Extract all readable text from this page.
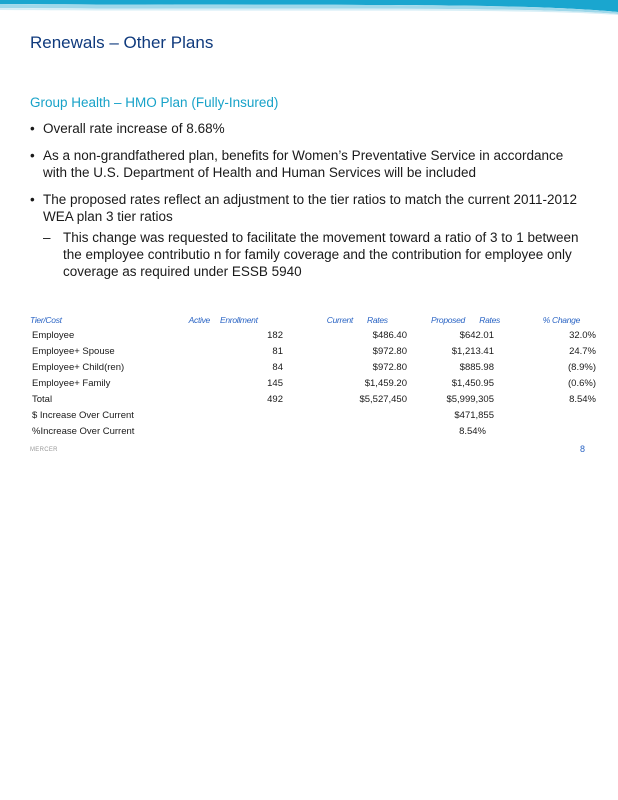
Renewals – Other Plans
Group Health – HMO Plan (Fully-Insured)
• Overall rate increase of 8.68%
• As a non-grandfathered plan, benefits for Women’s Preventative Service in accordance with the U.S. Department of Health and Human Services will be included
• The proposed rates reflect an adjustment to the tier ratios to match the current 2011-2012 WEA plan 3 tier ratios
– This change was requested to facilitate the movement toward a ratio of 3 to 1 between the employee contributio n for family coverage and the contribution for employee only coverage as required under ESSB 5940
Tier/Cost	Active	Enrollment	Current	Rates	Proposed	Rates	% Change
Employee		182	$486.40		$642.01		32.0%
Employee+ Spouse		81	$972.80		$1,213.41		24.7%
Employee+ Child(ren)		84	$972.80		$885.98		(8.9%)
Employee+ Family		145	$1,459.20		$1,450.95		(0.6%)
Total		492	$5,527,450		$5,999,305		8.54%
$ Increase Over Current					$471,855		
%Increase Over Current					8.54%		
MERCER	8
